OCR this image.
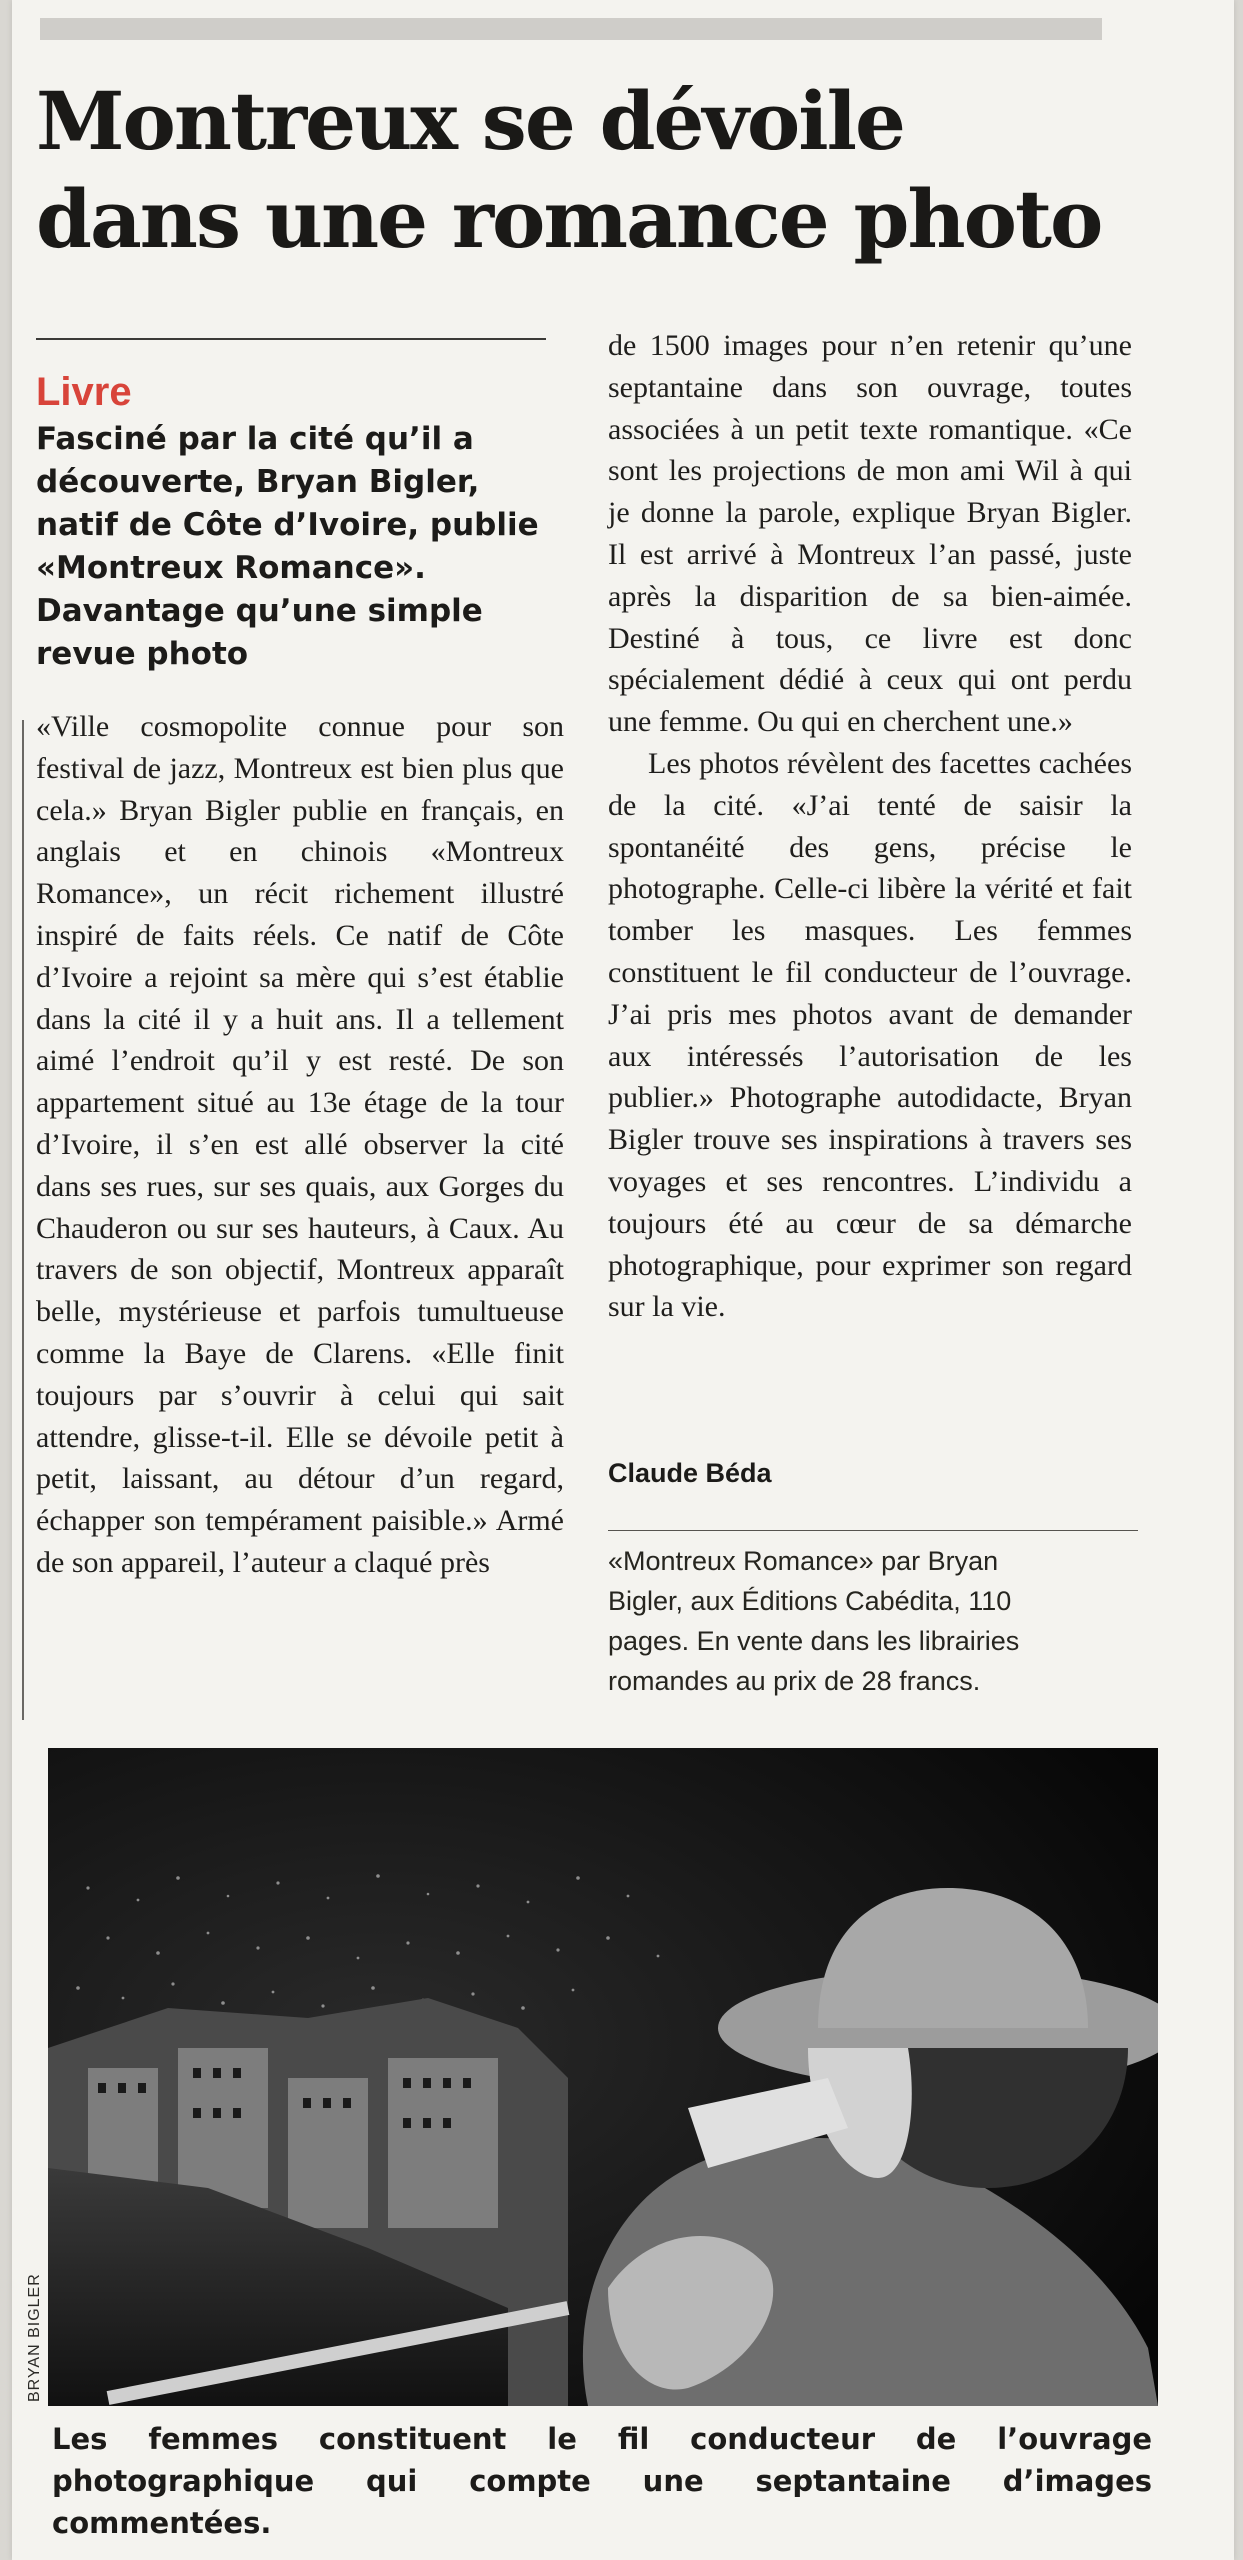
Montreux se dévoile
dans une romance photo

Livre

Fasciné par la cité qu’il a découverte, Bryan Bigler, natif de Côte d’Ivoire, publie «Montreux Romance». Davantage qu’une simple revue photo

«Ville cosmopolite connue pour son festival de jazz, Montreux est bien plus que cela.» Bryan Bigler publie en français, en anglais et en chinois «Montreux Romance», un récit richement illustré inspiré de faits réels. Ce natif de Côte d’Ivoire a rejoint sa mère qui s’est établie dans la cité il y a huit ans. Il a tellement aimé l’endroit qu’il y est resté. De son appartement situé au 13e étage de la tour d’Ivoire, il s’en est allé observer la cité dans ses rues, sur ses quais, aux Gorges du Chauderon ou sur ses hauteurs, à Caux. Au travers de son objectif, Montreux apparaît belle, mystérieuse et parfois tumultueuse comme la Baye de Clarens. «Elle finit toujours par s’ouvrir à celui qui sait attendre, glisse-t-il. Elle se dévoile petit à petit, laissant, au détour d’un regard, échapper son tempérament paisible.» Armé de son appareil, l’auteur a claqué près

de 1500 images pour n’en retenir qu’une septantaine dans son ouvrage, toutes associées à un petit texte romantique. «Ce sont les projections de mon ami Wil à qui je donne la parole, explique Bryan Bigler. Il est arrivé à Montreux l’an passé, juste après la disparition de sa bien-aimée. Destiné à tous, ce livre est donc spécialement dédié à ceux qui ont perdu une femme. Ou qui en cherchent une.»

Les photos révèlent des facettes cachées de la cité. «J’ai tenté de saisir la spontanéité des gens, précise le photographe. Celle-ci libère la vérité et fait tomber les masques. Les femmes constituent le fil conducteur de l’ouvrage. J’ai pris mes photos avant de demander aux intéressés l’autorisation de les publier.» Photographe autodidacte, Bryan Bigler trouve ses inspirations à travers ses voyages et ses rencontres. L’individu a toujours été au cœur de sa démarche photographique, pour exprimer son regard sur la vie.

Claude Béda

«Montreux Romance» par Bryan Bigler, aux Éditions Cabédita, 110 pages. En vente dans les librairies romandes au prix de 28 francs.

BRYAN BIGLER

Les femmes constituent le fil conducteur de l’ouvrage photographique qui compte une septantaine d’images commentées.
